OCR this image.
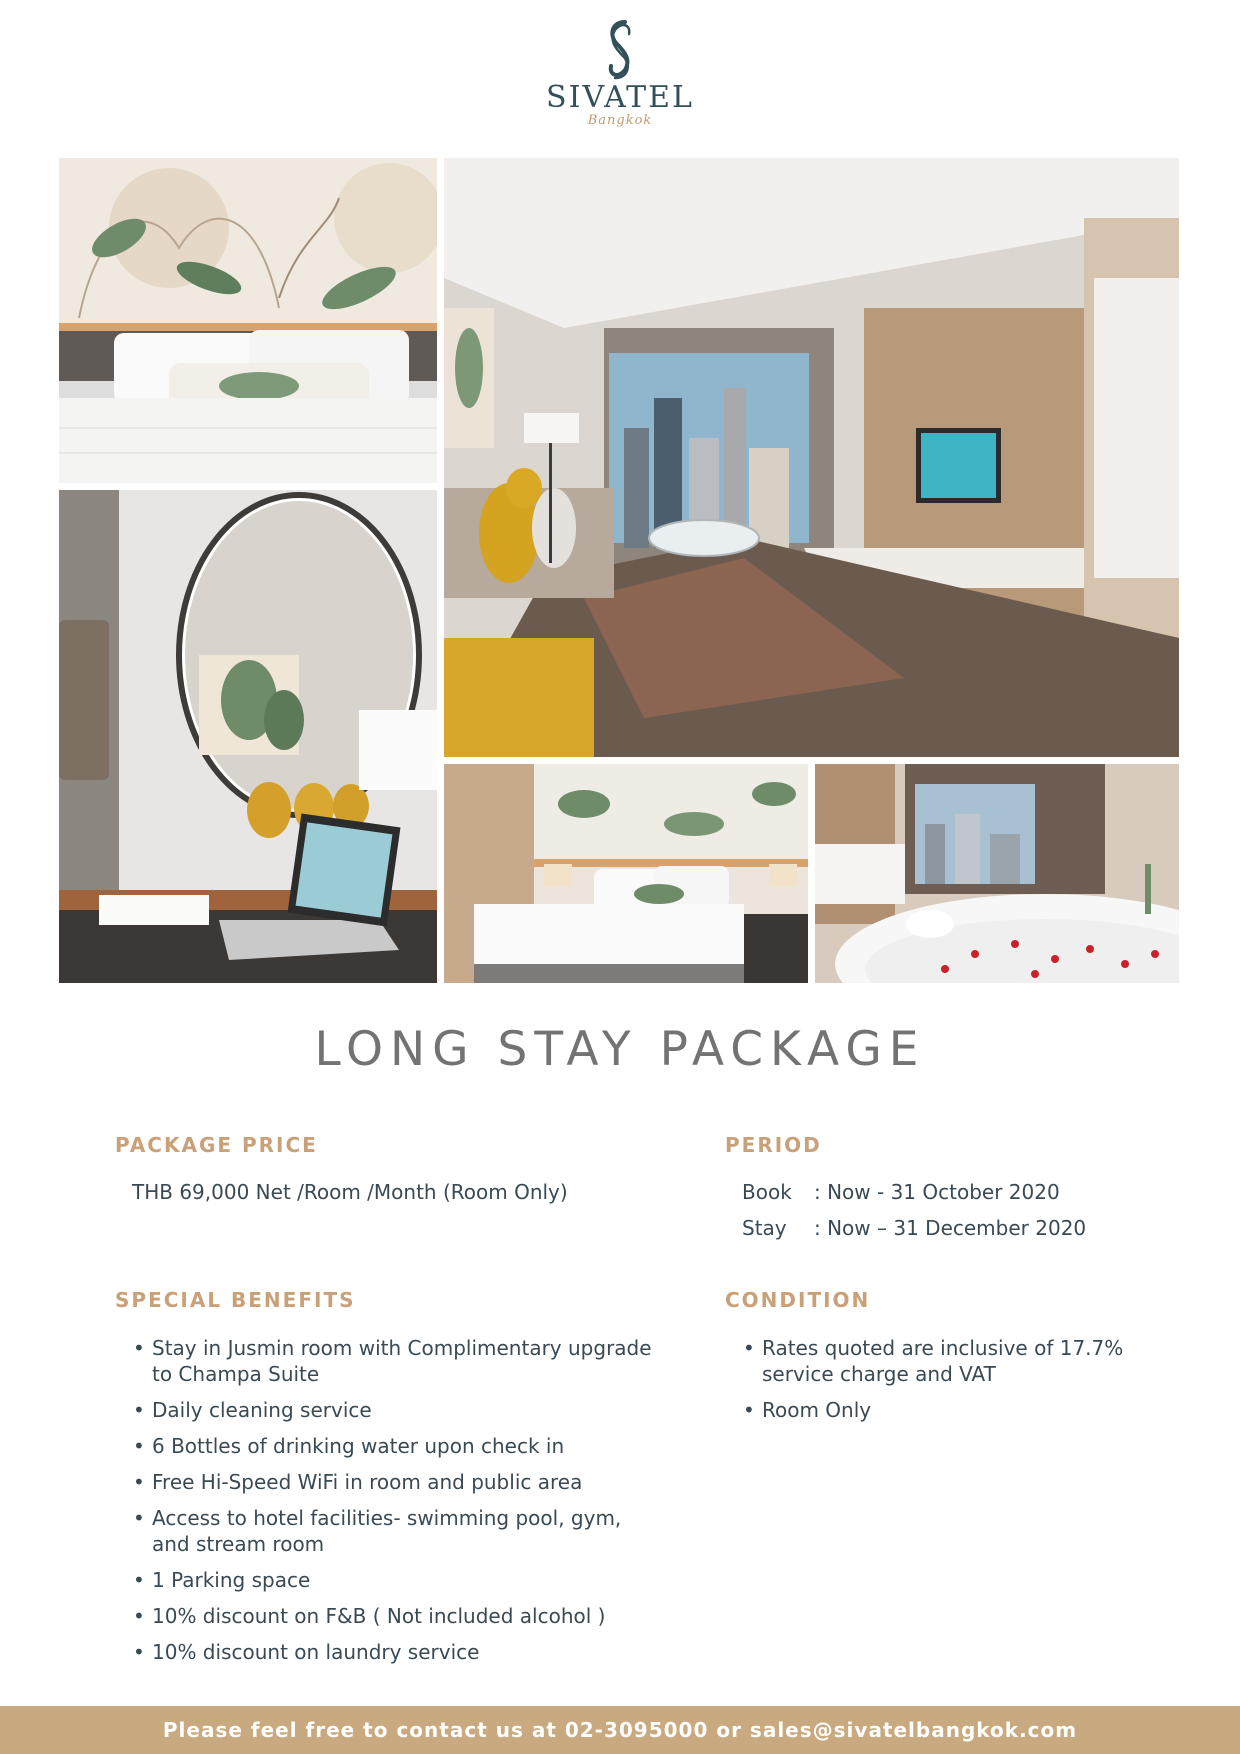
SIVATEL
Bangkok
LONG STAY PACKAGE
PACKAGE PRICE
THB 69,000 Net /Room /Month (Room Only)
PERIOD
Book	: Now - 31 October 2020
Stay	: Now – 31 December 2020
SPECIAL BENEFITS
• Stay in Jusmin room with Complimentary upgrade to Champa Suite
• Daily cleaning service
• 6 Bottles of drinking water upon check in
• Free Hi-Speed WiFi in room and public area
• Access to hotel facilities- swimming pool, gym, and stream room
• 1 Parking space
• 10% discount on F&B ( Not included alcohol )
• 10% discount on laundry service
CONDITION
• Rates quoted are inclusive of 17.7% service charge and VAT
• Room Only
Please feel free to contact us at 02-3095000 or sales@sivatelbangkok.com
